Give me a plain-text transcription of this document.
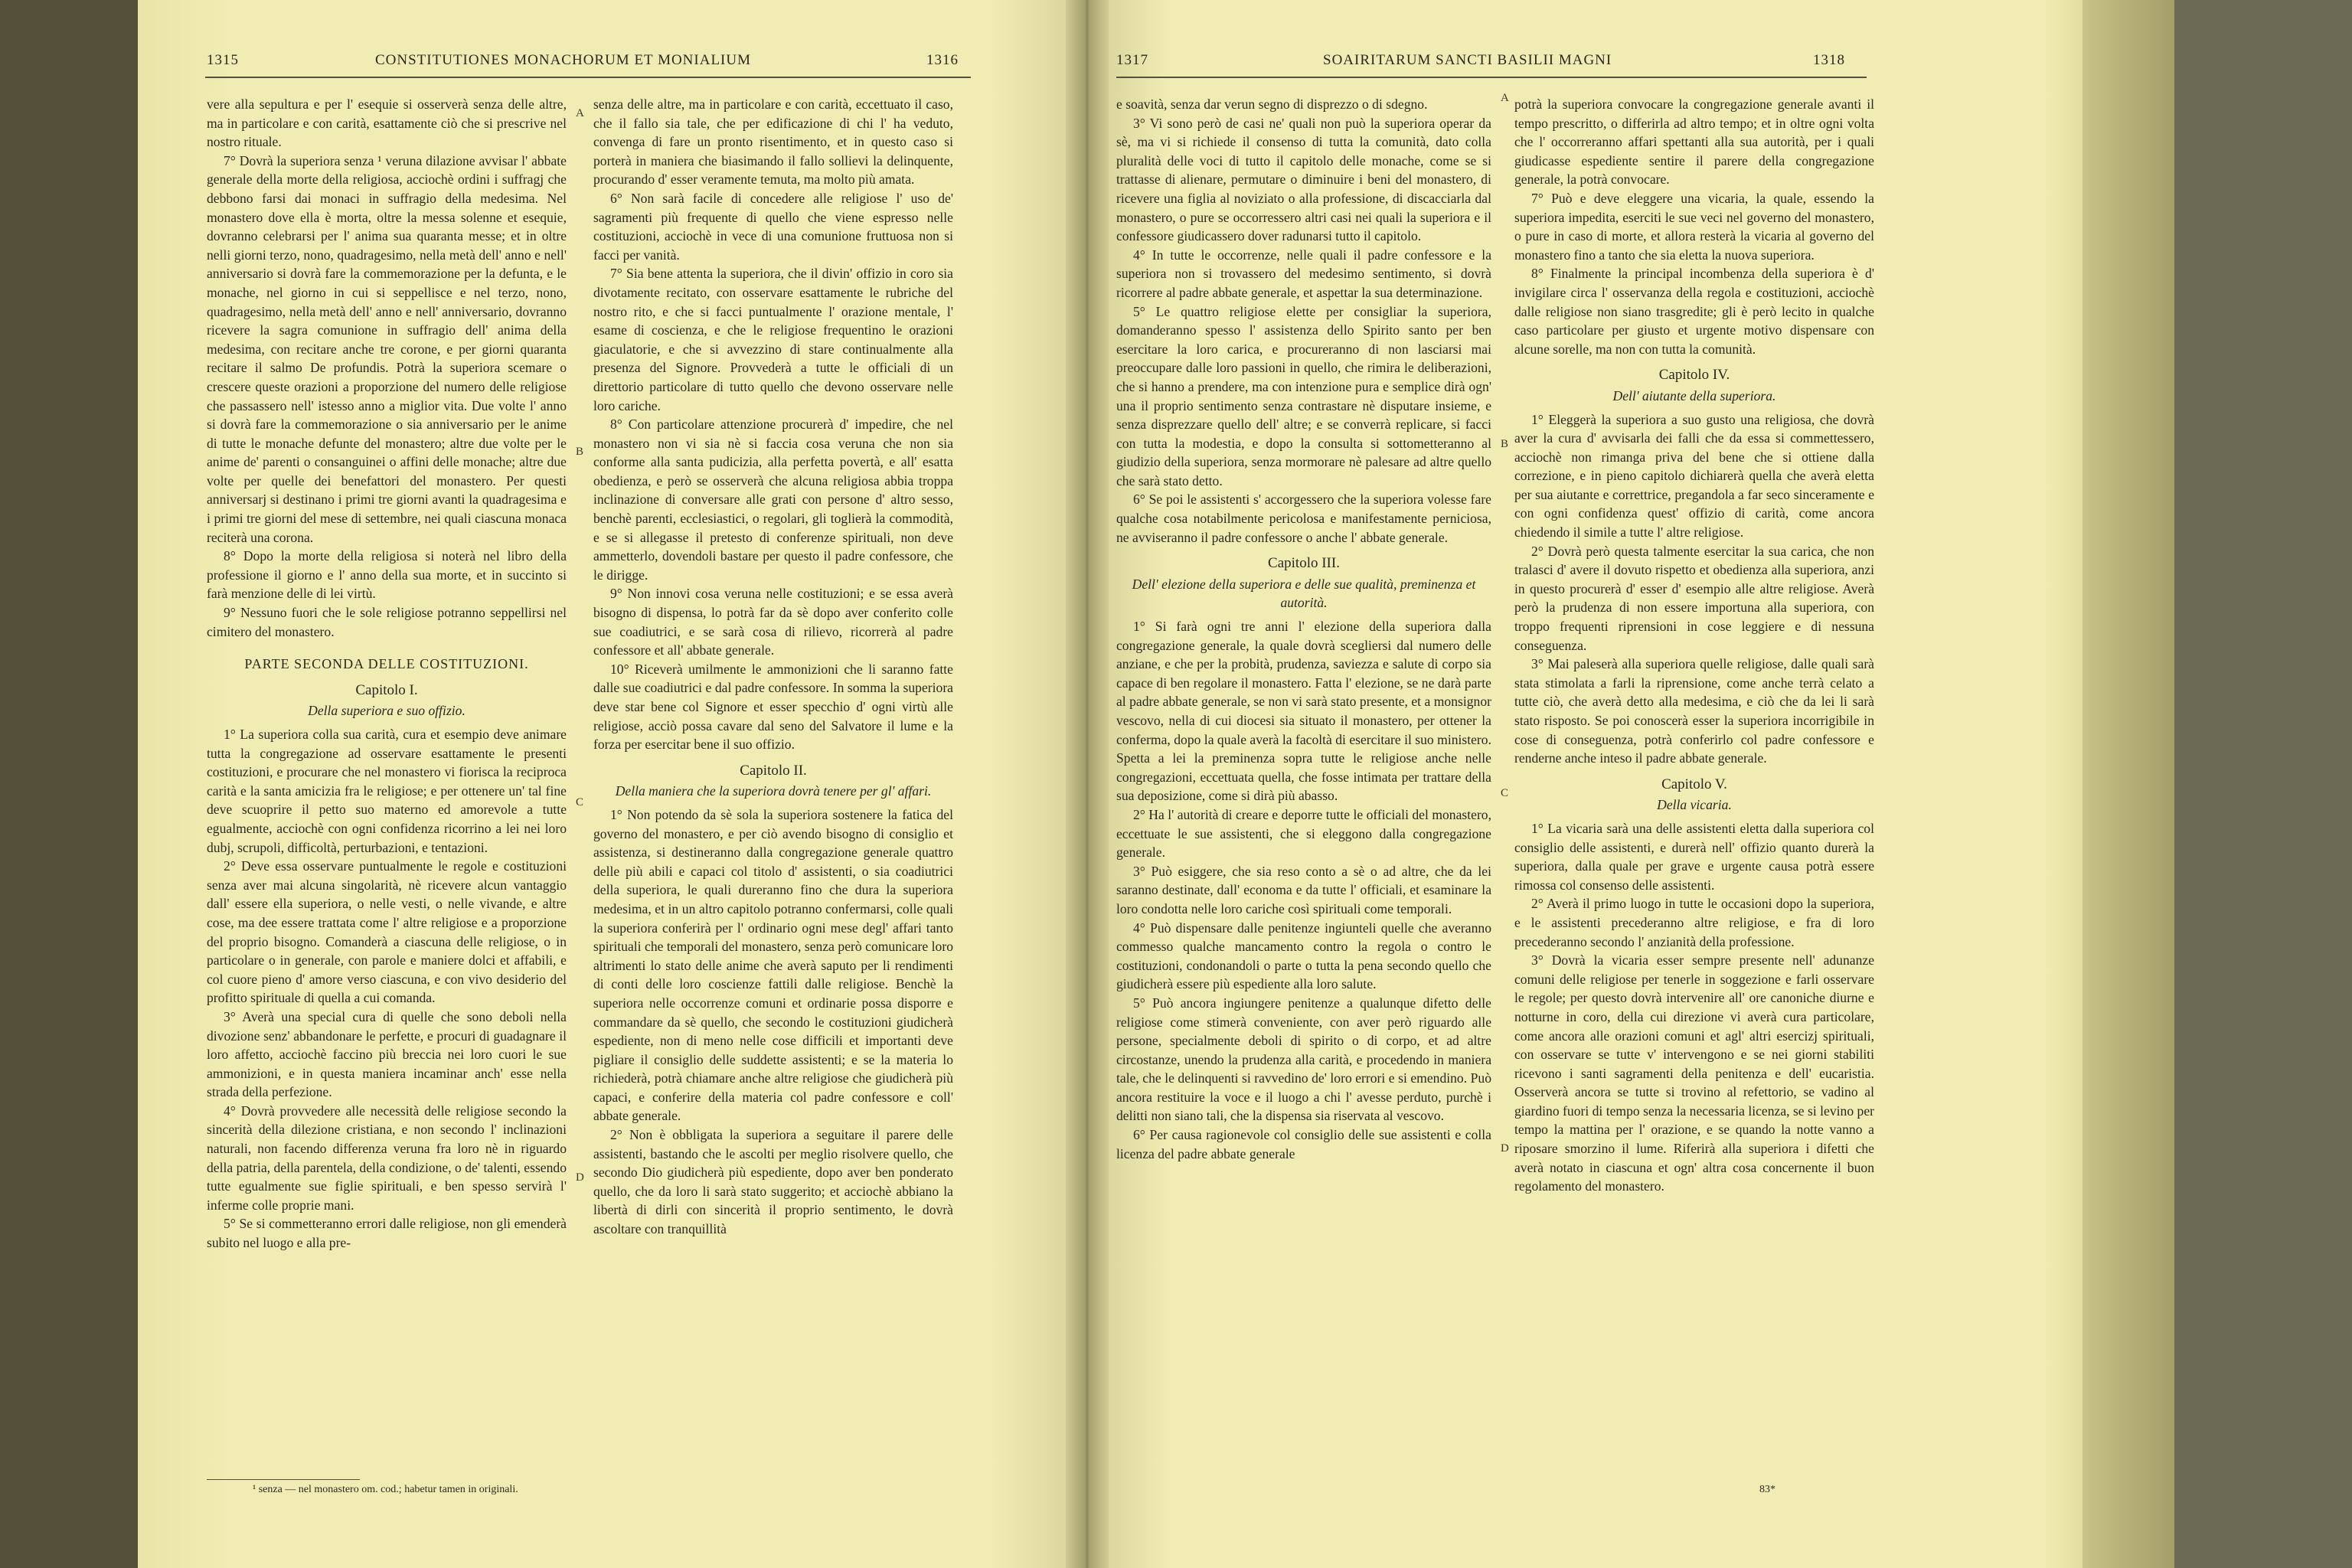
1315	CONSTITUTIONES MONACHORUM ET MONIALIUM	1316

vere alla sepultura e per l' esequie si osserverà senza delle altre, ma in particolare e con carità, esattamente ciò che si prescrive nel nostro rituale.

7° Dovrà la superiora senza ¹ veruna dilazione avvisar l' abbate generale della morte della religiosa, acciochè ordini i suffragj che debbono farsi dai monaci in suffragio della medesima. Nel monastero dove ella è morta, oltre la messa solenne et esequie, dovranno celebrarsi per l' anima sua quaranta messe; et in oltre nelli giorni terzo, nono, quadragesimo, nella metà dell' anno e nell' anniversario si dovrà fare la commemorazione per la defunta, e le monache, nel giorno in cui si seppellisce e nel terzo, nono, quadragesimo, nella metà dell' anno e nell' anniversario, dovranno ricevere la sagra comunione in suffragio dell' anima della medesima, con recitare anche tre corone, e per giorni quaranta recitare il salmo De profundis. Potrà la superiora scemare o crescere queste orazioni a proporzione del numero delle religiose che passassero nell' istesso anno a miglior vita. Due volte l' anno si dovrà fare la commemorazione o sia anniversario per le anime di tutte le monache defunte del monastero; altre due volte per le anime de' parenti o consanguinei o affini delle monache; altre due volte per quelle dei benefattori del monastero. Per questi anniversarj si destinano i primi tre giorni avanti la quadragesima e i primi tre giorni del mese di settembre, nei quali ciascuna monaca reciterà una corona.

8° Dopo la morte della religiosa si noterà nel libro della professione il giorno e l' anno della sua morte, et in succinto si farà menzione delle di lei virtù.

9° Nessuno fuori che le sole religiose potranno seppellirsi nel cimitero del monastero.

PARTE SECONDA DELLE COSTITUZIONI.

Capitolo I.

Della superiora e suo offizio.

1° La superiora colla sua carità, cura et esempio deve animare tutta la congregazione ad osservare esattamente le presenti costituzioni, e procurare che nel monastero vi fiorisca la reciproca carità e la santa amicizia fra le religiose; e per ottenere un' tal fine deve scuoprire il petto suo materno ed amorevole a tutte egualmente, acciochè con ogni confidenza ricorrino a lei nei loro dubj, scrupoli, difficoltà, perturbazioni, e tentazioni.

2° Deve essa osservare puntualmente le regole e costituzioni senza aver mai alcuna singolarità, nè ricevere alcun vantaggio dall' essere ella superiora, o nelle vesti, o nelle vivande, e altre cose, ma dee essere trattata come l' altre religiose e a proporzione del proprio bisogno. Comanderà a ciascuna delle religiose, o in particolare o in generale, con parole e maniere dolci et affabili, e col cuore pieno d' amore verso ciascuna, e con vivo desiderio del profitto spirituale di quella a cui comanda.

3° Averà una special cura di quelle che sono deboli nella divozione senz' abbandonare le perfette, e procuri di guadagnare il loro affetto, acciochè faccino più breccia nei loro cuori le sue ammonizioni, e in questa maniera incaminar anch' esse nella strada della perfezione.

4° Dovrà provvedere alle necessità delle religiose secondo la sincerità della dilezione cristiana, e non secondo l' inclinazioni naturali, non facendo differenza veruna fra loro nè in riguardo della patria, della parentela, della condizione, o de' talenti, essendo tutte egualmente sue figlie spirituali, e ben spesso servirà l' inferme colle proprie mani.

5° Se si commetteranno errori dalle religiose, non gli emenderà subito nel luogo e alla pre-

¹ senza — nel monastero om. cod.; habetur tamen in originali.
A
B
C
D

senza delle altre, ma in particolare e con carità, eccettuato il caso, che il fallo sia tale, che per edificazione di chi l' ha veduto, convenga di fare un pronto risentimento, et in questo caso si porterà in maniera che biasimando il fallo sollievi la delinquente, procurando d' esser veramente temuta, ma molto più amata.

6° Non sarà facile di concedere alle religiose l' uso de' sagramenti più frequente di quello che viene espresso nelle costituzioni, acciochè in vece di una comunione fruttuosa non si facci per vanità.

7° Sia bene attenta la superiora, che il divin' offizio in coro sia divotamente recitato, con osservare esattamente le rubriche del nostro rito, e che si facci puntualmente l' orazione mentale, l' esame di coscienza, e che le religiose frequentino le orazioni giaculatorie, e che si avvezzino di stare continualmente alla presenza del Signore. Provvederà a tutte le officiali di un direttorio particolare di tutto quello che devono osservare nelle loro cariche.

8° Con particolare attenzione procurerà d' impedire, che nel monastero non vi sia nè si faccia cosa veruna che non sia conforme alla santa pudicizia, alla perfetta povertà, e all' esatta obedienza, e però se osserverà che alcuna religiosa abbia troppa inclinazione di conversare alle grati con persone d' altro sesso, benchè parenti, ecclesiastici, o regolari, gli toglierà la commodità, e se si allegasse il pretesto di conferenze spirituali, non deve ammetterlo, dovendoli bastare per questo il padre confessore, che le dirigge.

9° Non innovi cosa veruna nelle costituzioni; e se essa averà bisogno di dispensa, lo potrà far da sè dopo aver conferito colle sue coadiutrici, e se sarà cosa di rilievo, ricorrerà al padre confessore et all' abbate generale.

10° Riceverà umilmente le ammonizioni che li saranno fatte dalle sue coadiutrici e dal padre confessore. In somma la superiora deve star bene col Signore et esser specchio d' ogni virtù alle religiose, acciò possa cavare dal seno del Salvatore il lume e la forza per esercitar bene il suo offizio.

Capitolo II.

Della maniera che la superiora dovrà tenere per gl' affari.

1° Non potendo da sè sola la superiora sostenere la fatica del governo del monastero, e per ciò avendo bisogno di consiglio et assistenza, si destineranno dalla congregazione generale quattro delle più abili e capaci col titolo d' assistenti, o sia coadiutrici della superiora, le quali dureranno fino che dura la superiora medesima, et in un altro capitolo potranno confermarsi, colle quali la superiora conferirà per l' ordinario ogni mese degl' affari tanto spirituali che temporali del monastero, senza però comunicare loro altrimenti lo stato delle anime che averà saputo per li rendimenti di conti delle loro coscienze fattili dalle religiose. Benchè la superiora nelle occorrenze comuni et ordinarie possa disporre e commandare da sè quello, che secondo le costituzioni giudicherà espediente, non di meno nelle cose difficili et importanti deve pigliare il consiglio delle suddette assistenti; e se la materia lo richiederà, potrà chiamare anche altre religiose che giudicherà più capaci, e conferire della materia col padre confessore e coll' abbate generale.

2° Non è obbligata la superiora a seguitare il parere delle assistenti, bastando che le ascolti per meglio risolvere quello, che secondo Dio giudicherà più espediente, dopo aver ben ponderato quello, che da loro li sarà stato suggerito; et acciochè abbiano la libertà di dirli con sincerità il proprio sentimento, le dovrà ascoltare con tranquillità

1317	SOAIRITARUM SANCTI BASILII MAGNI	1318

e soavità, senza dar verun segno di disprezzo o di sdegno.

3° Vi sono però de casi ne' quali non può la superiora operar da sè, ma vi si richiede il consenso di tutta la comunità, dato colla pluralità delle voci di tutto il capitolo delle monache, come se si trattasse di alienare, permutare o diminuire i beni del monastero, di ricevere una figlia al noviziato o alla professione, di discacciarla dal monastero, o pure se occorressero altri casi nei quali la superiora e il confessore giudicassero dover radunarsi tutto il capitolo.

4° In tutte le occorrenze, nelle quali il padre confessore e la superiora non si trovassero del medesimo sentimento, si dovrà ricorrere al padre abbate generale, et aspettar la sua determinazione.

5° Le quattro religiose elette per consigliar la superiora, domanderanno spesso l' assistenza dello Spirito santo per ben esercitare la loro carica, e procureranno di non lasciarsi mai preoccupare dalle loro passioni in quello, che rimira le deliberazioni, che si hanno a prendere, ma con intenzione pura e semplice dirà ogn' una il proprio sentimento senza contrastare nè disputare insieme, e senza disprezzare quello dell' altre; e se converrà replicare, si facci con tutta la modestia, e dopo la consulta si sottometteranno al giudizio della superiora, senza mormorare nè palesare ad altre quello che sarà stato detto.

6° Se poi le assistenti s' accorgessero che la superiora volesse fare qualche cosa notabilmente pericolosa e manifestamente perniciosa, ne avviseranno il padre confessore o anche l' abbate generale.

Capitolo III.

Dell' elezione della superiora e delle sue qualità, preminenza et autorità.

1° Si farà ogni tre anni l' elezione della superiora dalla congregazione generale, la quale dovrà scegliersi dal numero delle anziane, e che per la probità, prudenza, saviezza e salute di corpo sia capace di ben regolare il monastero. Fatta l' elezione, se ne darà parte al padre abbate generale, se non vi sarà stato presente, et a monsignor vescovo, nella di cui diocesi sia situato il monastero, per ottener la conferma, dopo la quale averà la facoltà di esercitare il suo ministero. Spetta a lei la preminenza sopra tutte le religiose anche nelle congregazioni, eccettuata quella, che fosse intimata per trattare della sua deposizione, come si dirà più abasso.

2° Ha l' autorità di creare e deporre tutte le officiali del monastero, eccettuate le sue assistenti, che si eleggono dalla congregazione generale.

3° Può esiggere, che sia reso conto a sè o ad altre, che da lei saranno destinate, dall' economa e da tutte l' officiali, et esaminare la loro condotta nelle loro cariche così spirituali come temporali.

4° Può dispensare dalle penitenze ingiunteli quelle che averanno commesso qualche mancamento contro la regola o contro le costituzioni, condonandoli o parte o tutta la pena secondo quello che giudicherà essere più espediente alla loro salute.

5° Può ancora ingiungere penitenze a qualunque difetto delle religiose come stimerà conveniente, con aver però riguardo alle persone, specialmente deboli di spirito o di corpo, et ad altre circostanze, unendo la prudenza alla carità, e procedendo in maniera tale, che le delinquenti si ravvedino de' loro errori e si emendino. Può ancora restituire la voce e il luogo a chi l' avesse perduto, purchè i delitti non siano tali, che la dispensa sia riservata al vescovo.

6° Per causa ragionevole col consiglio delle sue assistenti e colla licenza del padre abbate generale

A
B
C
D

potrà la superiora convocare la congregazione generale avanti il tempo prescritto, o differirla ad altro tempo; et in oltre ogni volta che l' occorreranno affari spettanti alla sua autorità, per i quali giudicasse espediente sentire il parere della congregazione generale, la potrà convocare.

7° Può e deve eleggere una vicaria, la quale, essendo la superiora impedita, eserciti le sue veci nel governo del monastero, o pure in caso di morte, et allora resterà la vicaria al governo del monastero fino a tanto che sia eletta la nuova superiora.

8° Finalmente la principal incombenza della superiora è d' invigilare circa l' osservanza della regola e costituzioni, acciochè dalle religiose non siano trasgredite; gli è però lecito in qualche caso particolare per giusto et urgente motivo dispensare con alcune sorelle, ma non con tutta la comunità.

Capitolo IV.

Dell' aiutante della superiora.

1° Eleggerà la superiora a suo gusto una religiosa, che dovrà aver la cura d' avvisarla dei falli che da essa si commettessero, acciochè non rimanga priva del bene che si ottiene dalla correzione, e in pieno capitolo dichiarerà quella che averà eletta per sua aiutante e correttrice, pregandola a far seco sinceramente e con ogni confidenza quest' offizio di carità, come ancora chiedendo il simile a tutte l' altre religiose.

2° Dovrà però questa talmente esercitar la sua carica, che non tralasci d' avere il dovuto rispetto et obedienza alla superiora, anzi in questo procurerà d' esser d' esempio alle altre religiose. Averà però la prudenza di non essere importuna alla superiora, con troppo frequenti riprensioni in cose leggiere e di nessuna conseguenza.

3° Mai paleserà alla superiora quelle religiose, dalle quali sarà stata stimolata a farli la riprensione, come anche terrà celato a tutte ciò, che averà detto alla medesima, e ciò che da lei li sarà stato risposto. Se poi conoscerà esser la superiora incorrigibile in cose di conseguenza, potrà conferirlo col padre confessore e renderne anche inteso il padre abbate generale.

Capitolo V.

Della vicaria.

1° La vicaria sarà una delle assistenti eletta dalla superiora col consiglio delle assistenti, e durerà nell' offizio quanto durerà la superiora, dalla quale per grave e urgente causa potrà essere rimossa col consenso delle assistenti.

2° Averà il primo luogo in tutte le occasioni dopo la superiora, e le assistenti precederanno altre religiose, e fra di loro precederanno secondo l' anzianità della professione.

3° Dovrà la vicaria esser sempre presente nell' adunanze comuni delle religiose per tenerle in soggezione e farli osservare le regole; per questo dovrà intervenire all' ore canoniche diurne e notturne in coro, della cui direzione vi averà cura particolare, come ancora alle orazioni comuni et agl' altri esercizj spirituali, con osservare se tutte v' intervengono e se nei giorni stabiliti ricevono i santi sagramenti della penitenza e dell' eucaristia. Osserverà ancora se tutte si trovino al refettorio, se vadino al giardino fuori di tempo senza la necessaria licenza, se si levino per tempo la mattina per l' orazione, e se quando la notte vanno a riposare smorzino il lume. Riferirà alla superiora i difetti che averà notato in ciascuna et ogn' altra cosa concernente il buon regolamento del monastero.

83*
